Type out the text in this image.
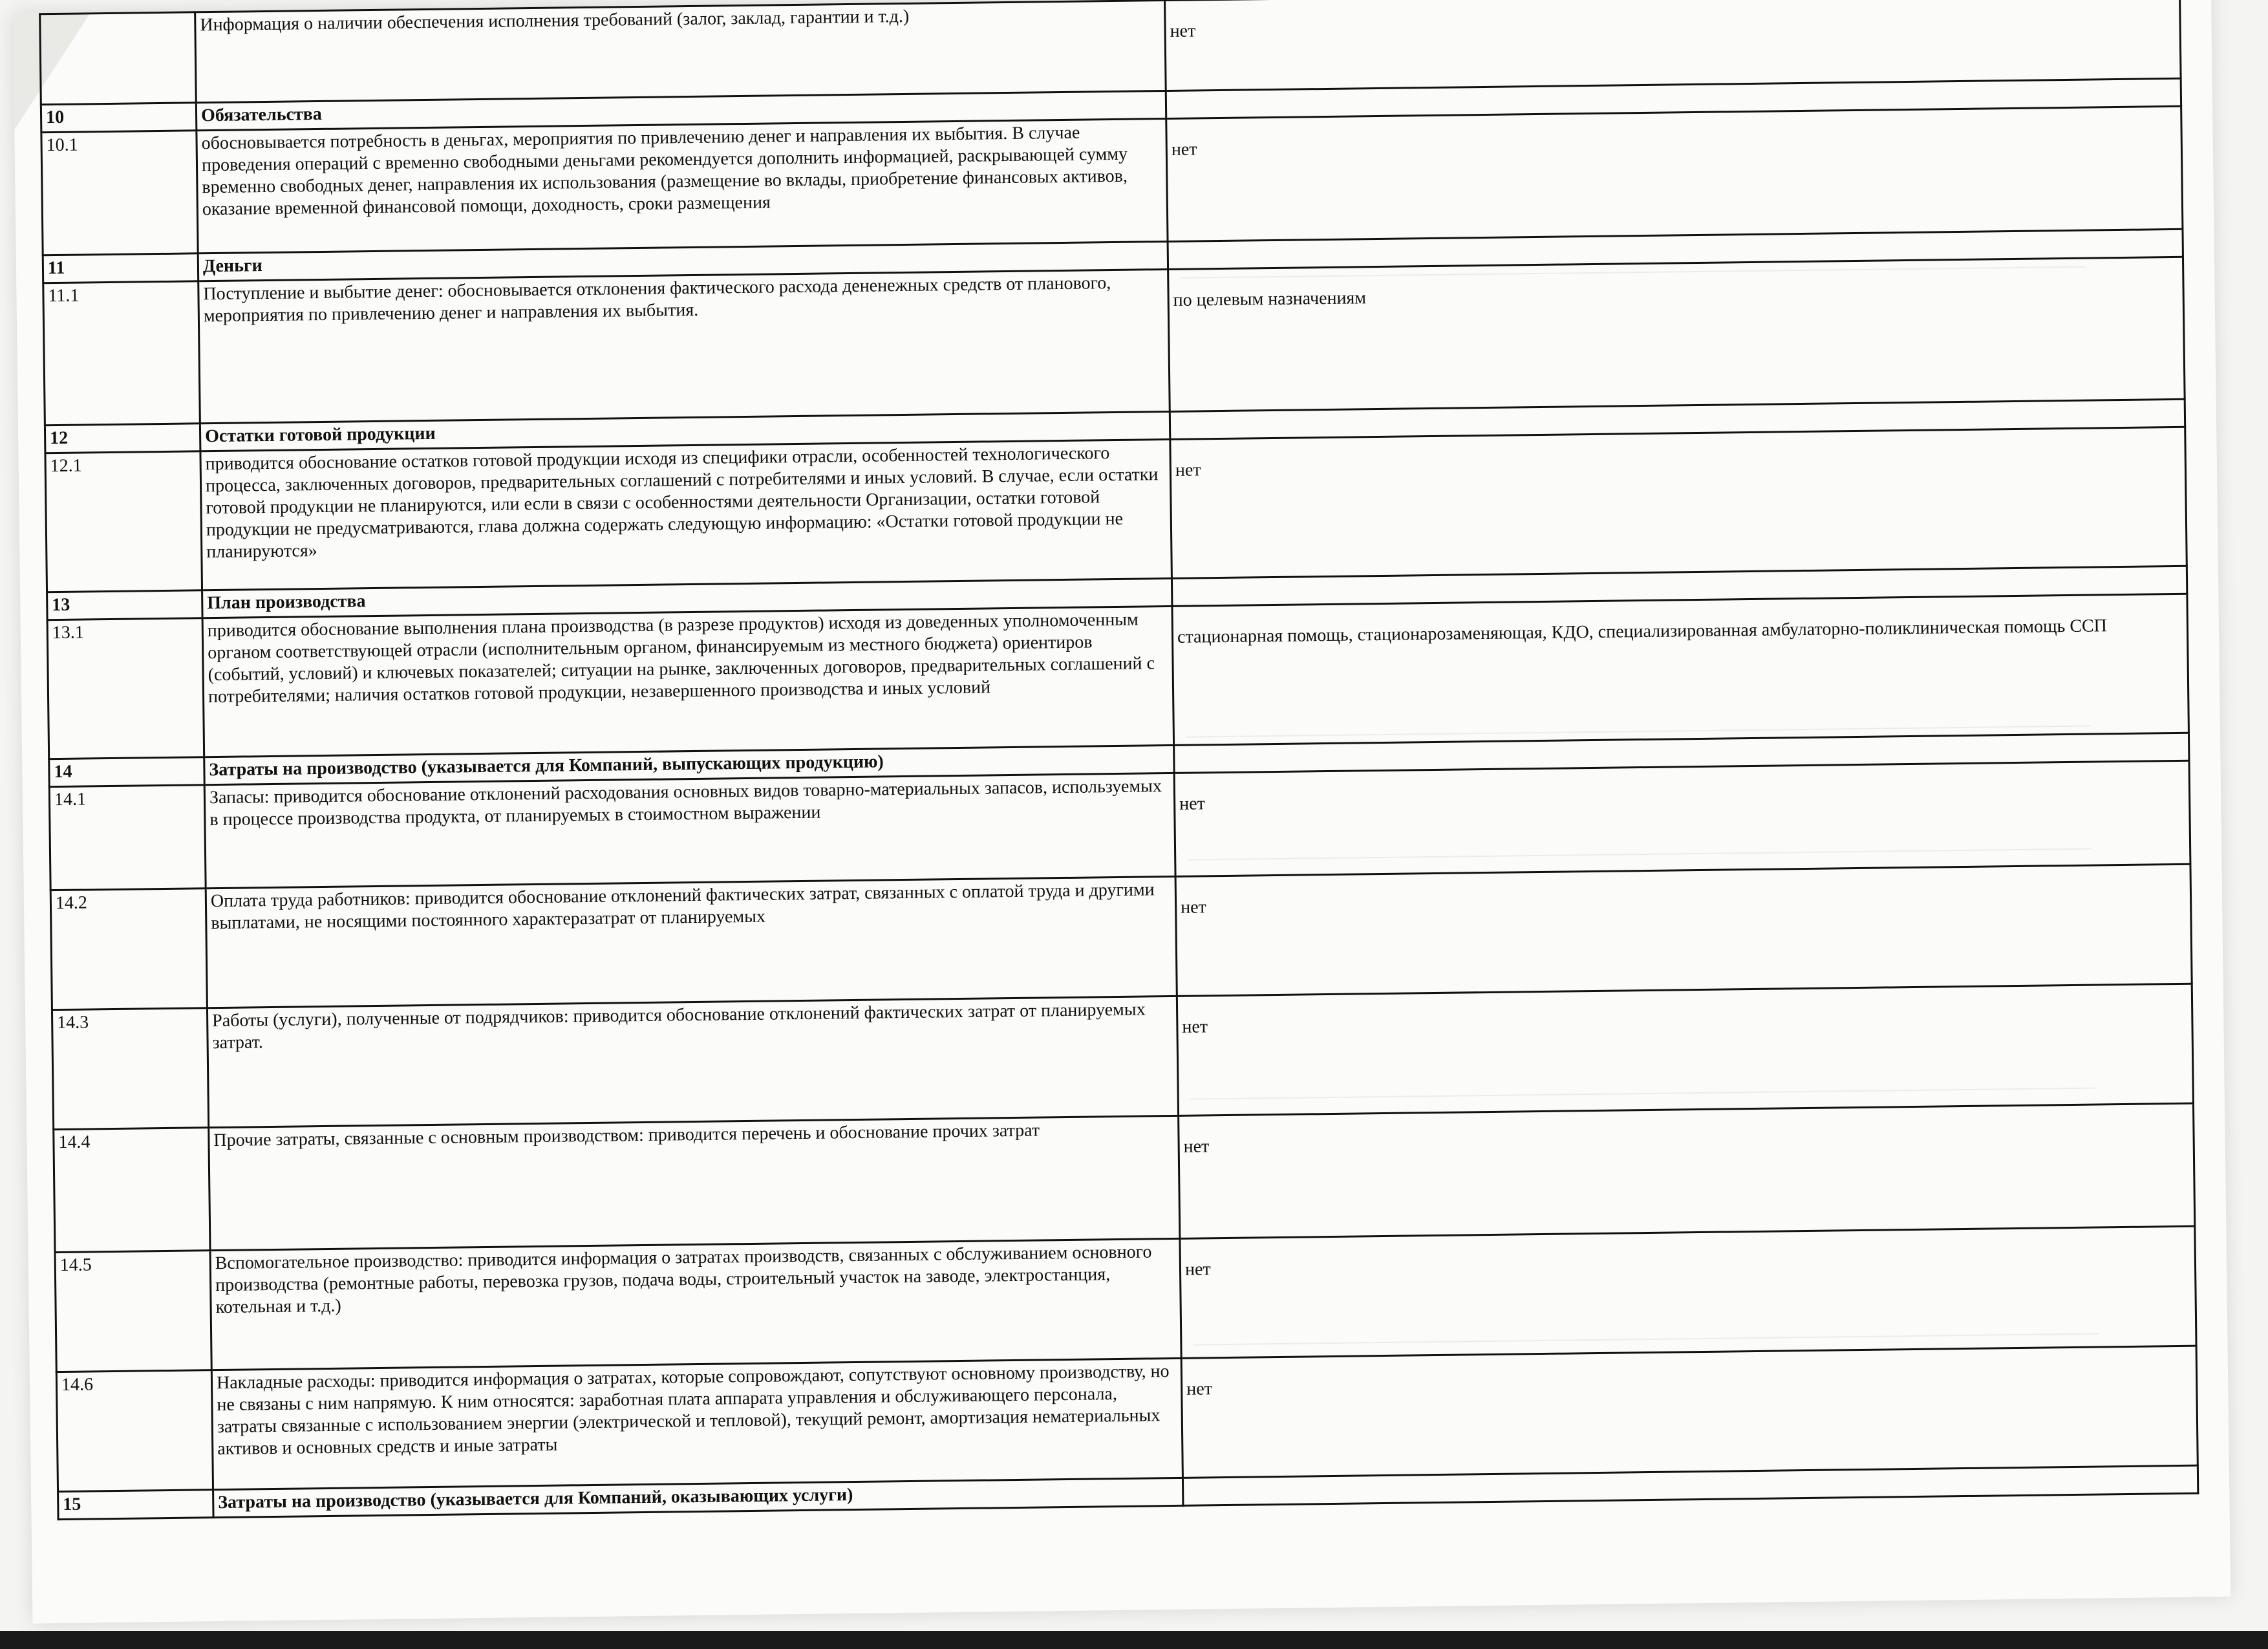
	Информация о наличии обеспечения исполнения требований (залог, заклад, гарантии и т.д.)	нет
10	Обязательства	
10.1	обосновывается потребность в деньгах, мероприятия по привлечению денег и направления их выбытия. В случае проведения операций с временно свободными деньгами рекомендуется дополнить информацией, раскрывающей сумму временно свободных денег, направления их использования (размещение во вклады, приобретение финансовых активов, оказание временной финансовой помощи, доходность, сроки размещения	нет
11	Деньги	
11.1	Поступление и выбытие денег: обосновывается отклонения фактического расхода дененежных средств от планового, мероприятия по привлечению денег и направления их выбытия.	по целевым назначениям
12	Остатки готовой продукции	
12.1	приводится обоснование остатков готовой продукции исходя из специфики отрасли, особенностей технологического процесса, заключенных договоров, предварительных соглашений с потребителями и иных условий. В случае, если остатки готовой продукции не планируются, или если в связи с особенностями деятельности Организации, остатки готовой продукции не предусматриваются, глава должна содержать следующую информацию: «Остатки готовой продукции не планируются»	нет
13	План производства	
13.1	приводится обоснование выполнения плана производства (в разрезе продуктов) исходя из доведенных уполномоченным органом соответствующей отрасли (исполнительным органом, финансируемым из местного бюджета) ориентиров (событий, условий) и ключевых показателей; ситуации на рынке, заключенных договоров, предварительных соглашений с потребителями; наличия остатков готовой продукции, незавершенного производства и иных условий	стационарная помощь, стационарозаменяющая, КДО, специализированная амбулаторно-поликлиническая помощь ССП
14	Затраты на производство (указывается для Компаний, выпускающих продукцию)	
14.1	Запасы: приводится обоснование отклонений расходования основных видов товарно-материальных запасов, используемых в процессе производства продукта, от планируемых в стоимостном выражении	нет
14.2	Оплата труда работников: приводится обоснование отклонений фактических затрат, связанных с оплатой труда и другими выплатами, не носящими постоянного характеразатрат от планируемых	нет
14.3	Работы (услуги), полученные от подрядчиков: приводится обоснование отклонений фактических затрат от планируемых затрат.	нет
14.4	Прочие затраты, связанные с основным производством: приводится перечень и обоснование прочих затрат	нет
14.5	Вспомогательное производство: приводится информация о затратах производств, связанных с обслуживанием основного производства (ремонтные работы, перевозка грузов, подача воды, строительный участок на заводе, электростанция, котельная и т.д.)	нет
14.6	Накладные расходы: приводится информация о затратах, которые сопровождают, сопутствуют основному производству, но не связаны с ним напрямую. К ним относятся: заработная плата аппарата управления и обслуживающего персонала, затраты связанные с использованием энергии (электрической и тепловой), текущий ремонт, амортизация нематериальных активов и основных средств и иные затраты	нет
15	Затраты на производство (указывается для Компаний, оказывающих услуги)	
